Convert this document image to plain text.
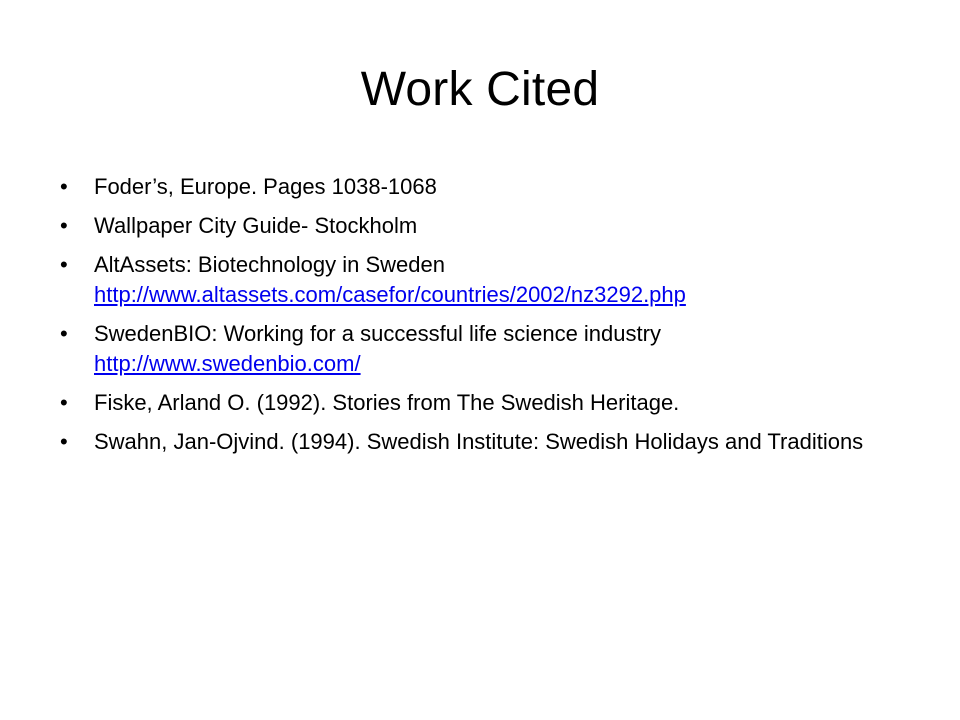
Work Cited
• Foder’s, Europe. Pages 1038-1068
• Wallpaper City Guide- Stockholm
• AltAssets: Biotechnology in Sweden
http://www.altassets.com/casefor/countries/2002/nz3292.php
• SwedenBIO: Working for a successful life science industry
http://www.swedenbio.com/
• Fiske, Arland O. (1992). Stories from The Swedish Heritage.
• Swahn, Jan-Ojvind. (1994). Swedish Institute: Swedish Holidays and Traditions
